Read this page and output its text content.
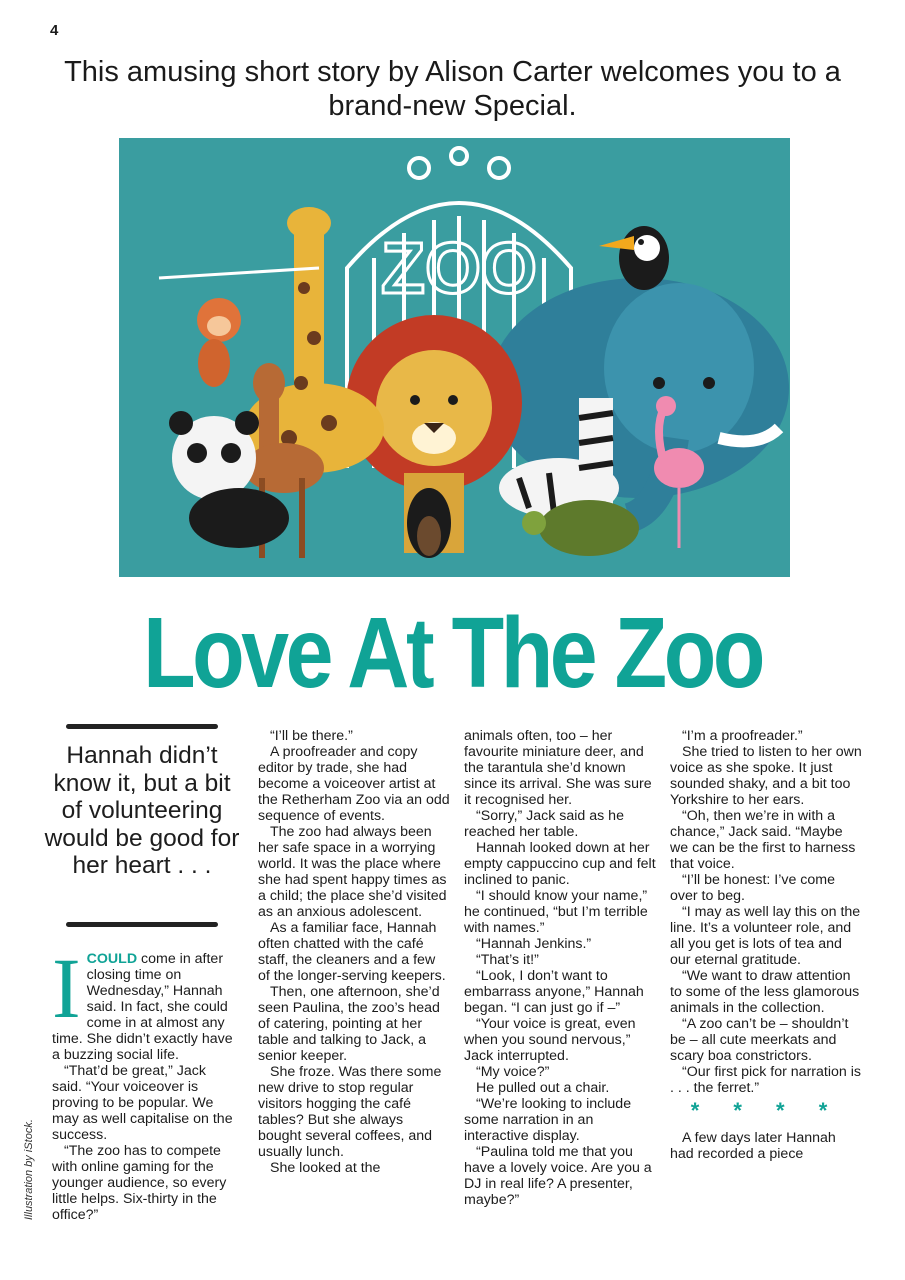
4
This amusing short story by Alison Carter welcomes you to a brand-new Special.
ZOO
Love At The Zoo
Hannah didn’t know it, but a bit of volunteering would be good for her heart . . .

ICOULD come in after closing time on Wednesday,” Hannah said. In fact, she could come in at almost any time. She didn’t exactly have a buzzing social life.

“That’d be great,” Jack said. “Your voiceover is proving to be popular. We may as well capitalise on the success.

“The zoo has to compete with online gaming for the younger audience, so every little helps. Six-thirty in the office?”

“I’ll be there.”

A proofreader and copy editor by trade, she had become a voiceover artist at the Retherham Zoo via an odd sequence of events.

The zoo had always been her safe space in a worrying world. It was the place where she had spent happy times as a child; the place she’d visited as an anxious adolescent.

As a familiar face, Hannah often chatted with the café staff, the cleaners and a few of the longer-serving keepers.

Then, one afternoon, she’d seen Paulina, the zoo’s head of catering, pointing at her table and talking to Jack, a senior keeper.

She froze. Was there some new drive to stop regular visitors hogging the café tables? But she always bought several coffees, and usually lunch.

She looked at the

animals often, too – her favourite miniature deer, and the tarantula she’d known since its arrival. She was sure it recognised her.

“Sorry,” Jack said as he reached her table.

Hannah looked down at her empty cappuccino cup and felt inclined to panic.

“I should know your name,” he continued, “but I’m terrible with names.”

“Hannah Jenkins.”

“That’s it!”

“Look, I don’t want to embarrass anyone,” Hannah began. “I can just go if –”

“Your voice is great, even when you sound nervous,” Jack interrupted.

“My voice?”

He pulled out a chair.

“We’re looking to include some narration in an interactive display.

“Paulina told me that you have a lovely voice. Are you a DJ in real life? A presenter, maybe?”

“I’m a proofreader.”

She tried to listen to her own voice as she spoke. It just sounded shaky, and a bit too Yorkshire to her ears.

“Oh, then we’re in with a chance,” Jack said. “Maybe we can be the first to harness that voice.

“I’ll be honest: I’ve come over to beg.

“I may as well lay this on the line. It’s a volunteer role, and all you get is lots of tea and our eternal gratitude.

“We want to draw attention to some of the less glamorous animals in the collection.

“A zoo can’t be – shouldn’t be – all cute meerkats and scary boa constrictors.

“Our first pick for narration is . . . the ferret.”

* * * *

A few days later Hannah had recorded a piece

Illustration by iStock.
